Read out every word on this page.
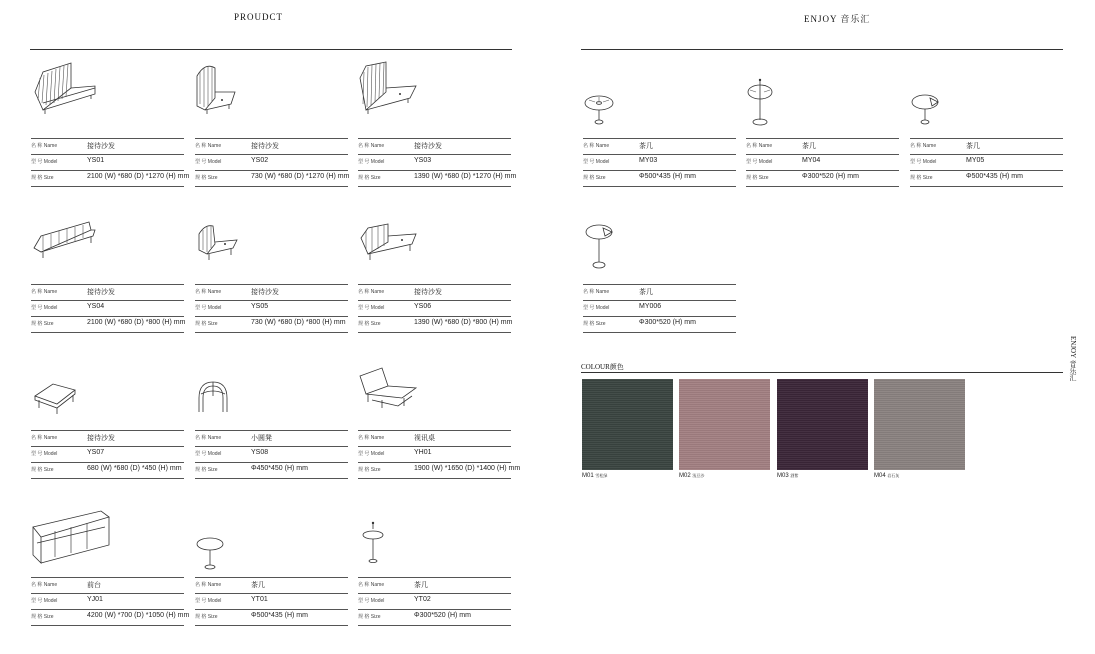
PROUDCT	ENJOY 音乐汇
ENJOY 音乐汇
名 称 Name	接待沙发
型 号 Model	YS01
规 格 Size	2100 (W) *680 (D) *1270 (H) mm
名 称 Name	接待沙发
型 号 Model	YS02
规 格 Size	730 (W) *680 (D) *1270 (H) mm
名 称 Name	接待沙发
型 号 Model	YS03
规 格 Size	1390 (W) *680 (D) *1270 (H) mm
名 称 Name	接待沙发
型 号 Model	YS04
规 格 Size	2100 (W) *680 (D) *800 (H) mm
名 称 Name	接待沙发
型 号 Model	YS05
规 格 Size	730 (W) *680 (D) *800 (H) mm
名 称 Name	接待沙发
型 号 Model	YS06
规 格 Size	1390 (W) *680 (D) *800 (H) mm
名 称 Name	接待沙发
型 号 Model	YS07
规 格 Size	680 (W) *680 (D) *450 (H) mm
名 称 Name	小圆凳
型 号 Model	YS08
规 格 Size	Φ450*450 (H) mm
名 称 Name	视讯桌
型 号 Model	YH01
规 格 Size	1900 (W) *1650 (D) *1400 (H) mm
名 称 Name	前台
型 号 Model	YJ01
规 格 Size	4200 (W) *700 (D) *1050 (H) mm
名 称 Name	茶几
型 号 Model	YT01
规 格 Size	Φ500*435 (H) mm
名 称 Name	茶几
型 号 Model	YT02
规 格 Size	Φ300*520 (H) mm
名 称 Name	茶几
型 号 Model	MY03
规 格 Size	Φ500*435 (H) mm
名 称 Name	茶几
型 号 Model	MY04
规 格 Size	Φ300*520 (H) mm
名 称 Name	茶几
型 号 Model	MY05
规 格 Size	Φ500*435 (H) mm
名 称 Name	茶几
型 号 Model	MY006
规 格 Size	Φ300*520 (H) mm
COLOUR颜色
M01 雪松绿	M02 浅豆沙	M03 酒紫	M04 岩石灰
